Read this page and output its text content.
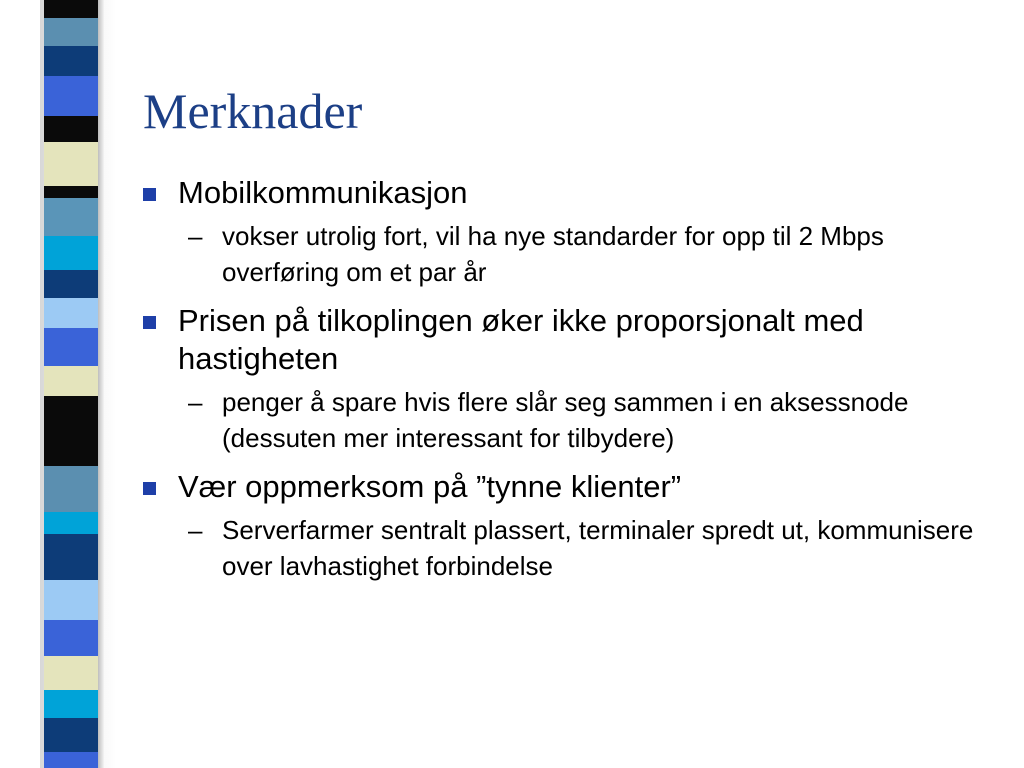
Merknader
Mobilkommunikasjon
– vokser utrolig fort, vil ha nye standarder for opp til 2 Mbps overføring om et par år
Prisen på tilkoplingen øker ikke proporsjonalt med hastigheten
– penger å spare hvis flere slår seg sammen i en aksessnode (dessuten mer interessant for tilbydere)
Vær oppmerksom på ”tynne klienter”
– Serverfarmer sentralt plassert, terminaler spredt ut, kommunisere over lavhastighet forbindelse
